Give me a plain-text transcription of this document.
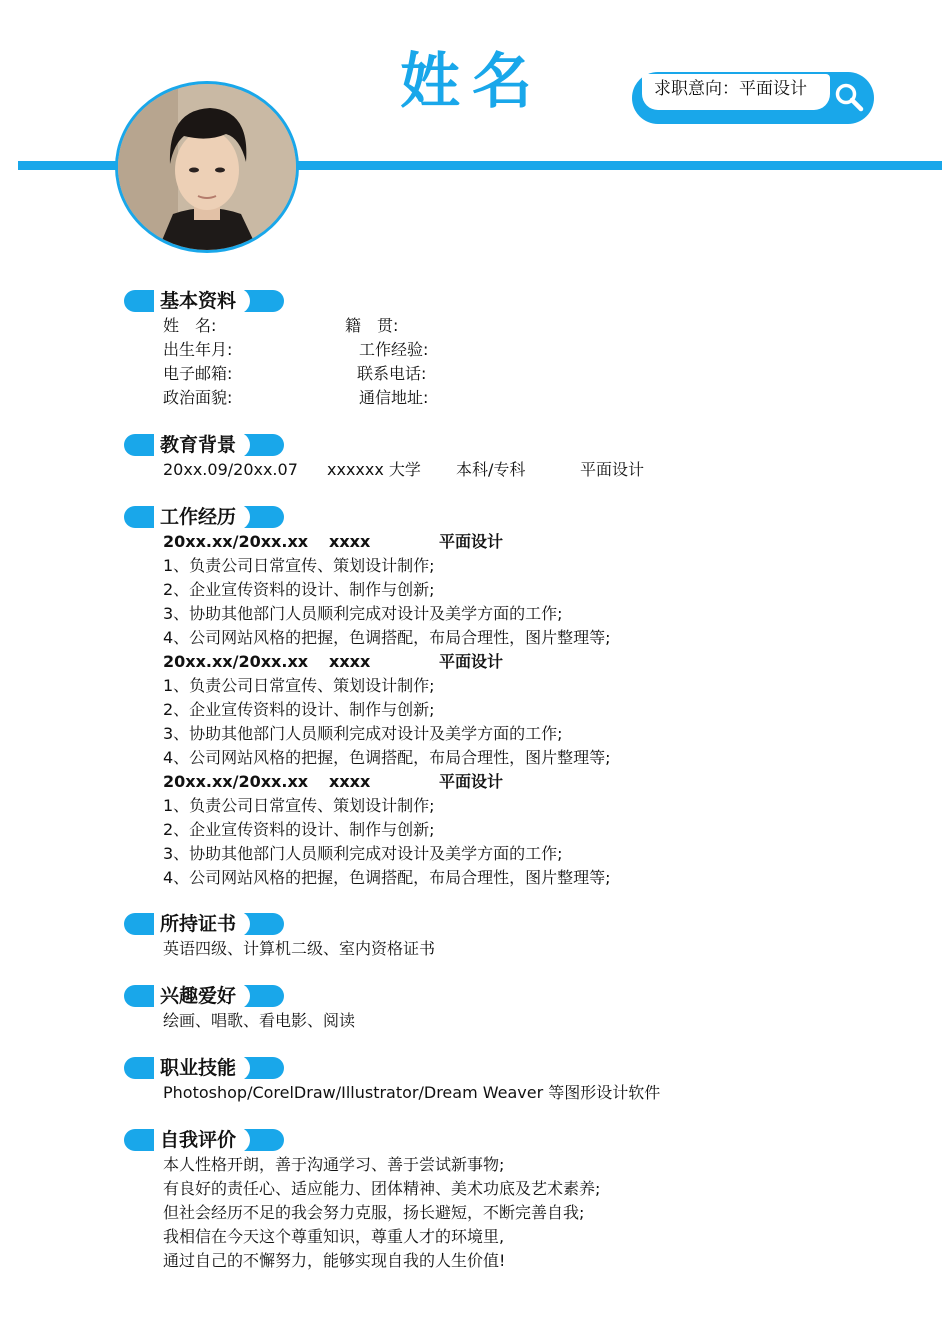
姓名	求职意向：平面设计
基本资料
姓　名:	籍　贯:
出生年月:	工作经验:
电子邮箱:	联系电话:
政治面貌:	通信地址:
教育背景
20xx.09/20xx.07 xxxxxx 大学 本科/专科	平面设计
工作经历
20xx.xx/20xx.xx xxxx	平面设计
1、负责公司日常宣传、策划设计制作;
2、企业宣传资料的设计、制作与创新;
3、协助其他部门人员顺利完成对设计及美学方面的工作;
4、公司网站风格的把握，色调搭配，布局合理性，图片整理等;
20xx.xx/20xx.xx xxxx	平面设计
1、负责公司日常宣传、策划设计制作;
2、企业宣传资料的设计、制作与创新;
3、协助其他部门人员顺利完成对设计及美学方面的工作;
4、公司网站风格的把握，色调搭配，布局合理性，图片整理等;
20xx.xx/20xx.xx xxxx	平面设计
1、负责公司日常宣传、策划设计制作;
2、企业宣传资料的设计、制作与创新;
3、协助其他部门人员顺利完成对设计及美学方面的工作;
4、公司网站风格的把握，色调搭配，布局合理性，图片整理等;
所持证书
英语四级、计算机二级、室内资格证书
兴趣爱好
绘画、唱歌、看电影、阅读
职业技能
Photoshop/CorelDraw/Illustrator/Dream Weaver 等图形设计软件
自我评价
本人性格开朗，善于沟通学习、善于尝试新事物;
有良好的责任心、适应能力、团体精神、美术功底及艺术素养;
但社会经历不足的我会努力克服，扬长避短，不断完善自我;
我相信在今天这个尊重知识，尊重人才的环境里,
通过自己的不懈努力，能够实现自我的人生价值!
